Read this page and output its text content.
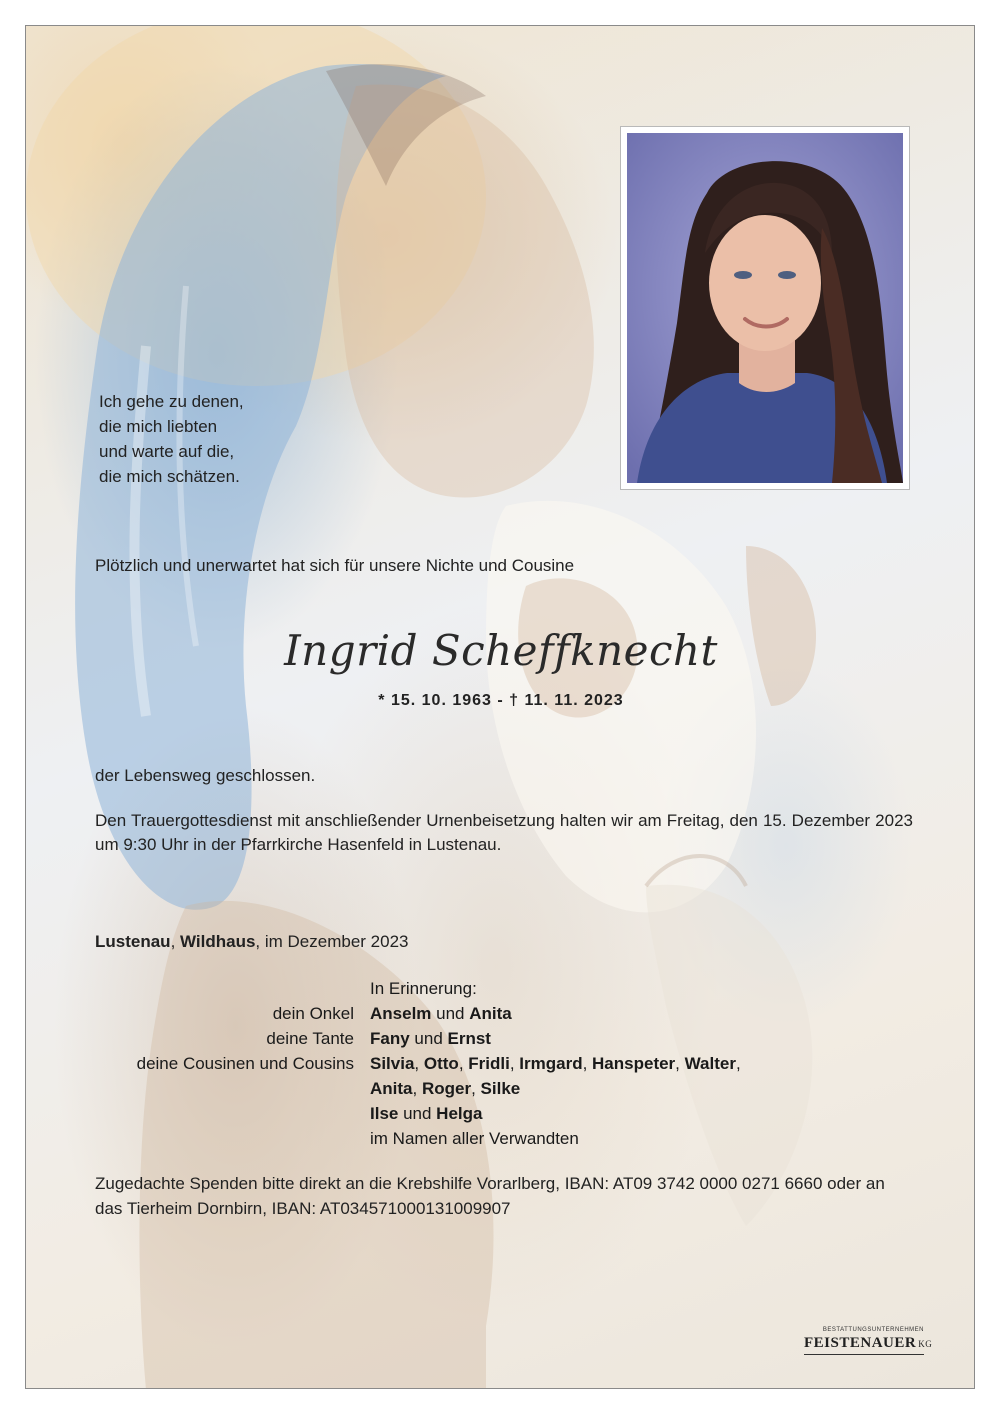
Ich gehe zu denen,
die mich liebten
und warte auf die,
die mich schätzen.
Plötzlich und unerwartet hat sich für unsere Nichte und Cousine
Ingrid Scheffknecht
* 15. 10. 1963 - † 11. 11. 2023
der Lebensweg geschlossen.
Den Trauergottesdienst mit anschließender Urnenbeisetzung halten wir am Freitag, den 15. Dezember 2023 um 9:30 Uhr in der Pfarrkirche Hasenfeld in Lustenau.
Lustenau, Wildhaus, im Dezember 2023
In Erinnerung:
dein Onkel Anselm und Anita
deine Tante Fany und Ernst
deine Cousinen und Cousins Silvia, Otto, Fridli, Irmgard, Hanspeter, Walter,
Anita, Roger, Silke
Ilse und Helga
im Namen aller Verwandten
Zugedachte Spenden bitte direkt an die Krebshilfe Vorarlberg, IBAN: AT09 3742 0000 0271 6660 oder an das Tierheim Dornbirn, IBAN: AT034571000131009907
BESTATTUNGSUNTERNEHMEN
FEISTENAUER KG
